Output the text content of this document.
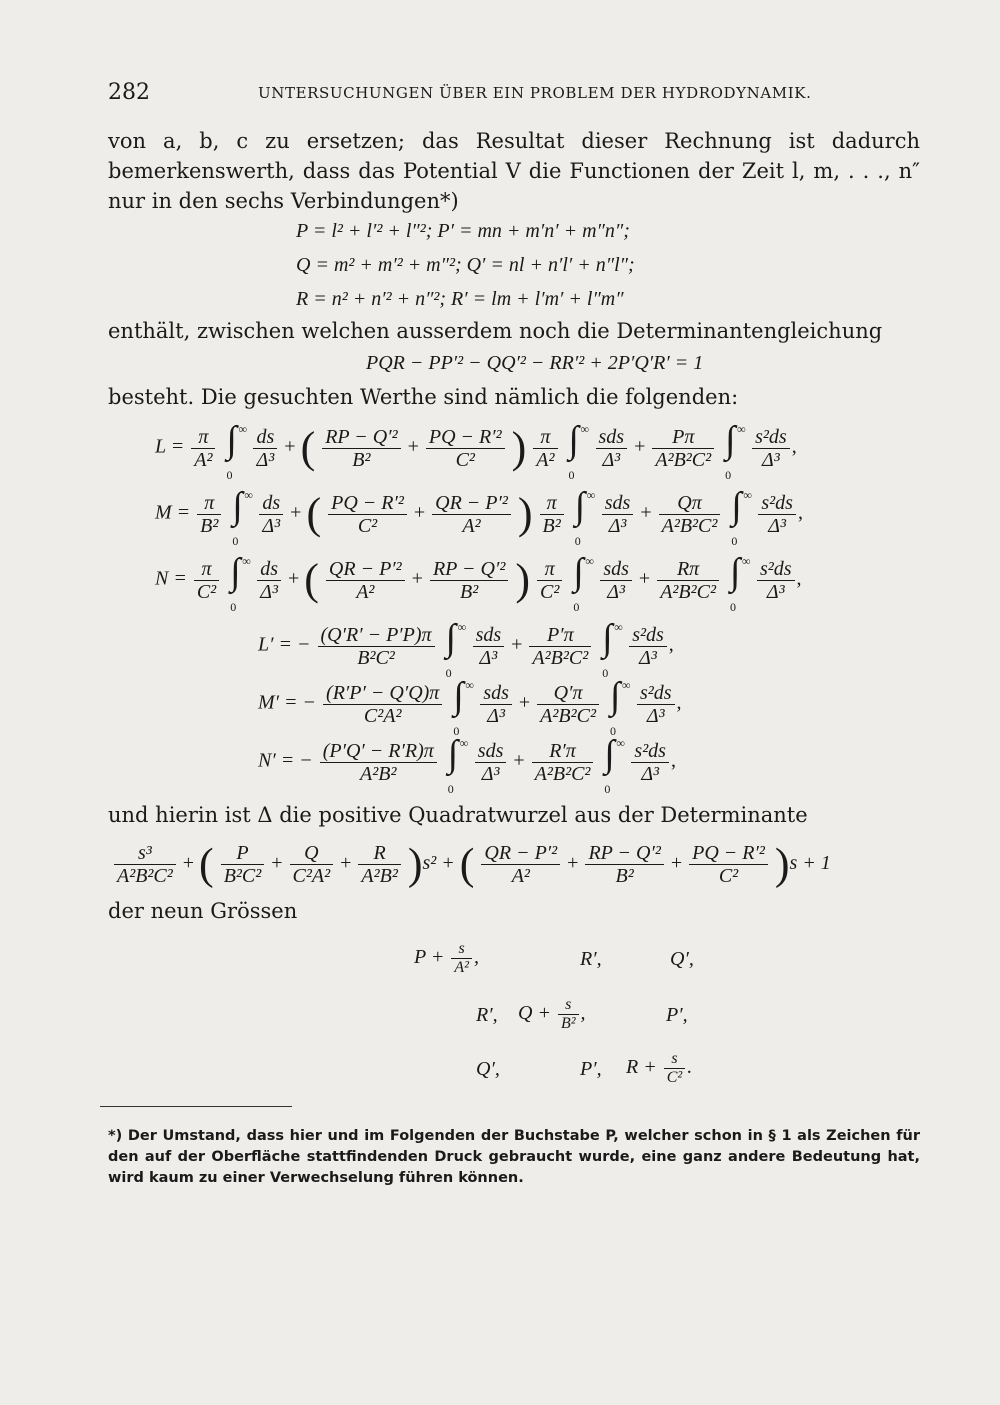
282	UNTERSUCHUNGEN ÜBER EIN PROBLEM DER HYDRODYNAMIK.
von a, b, c zu ersetzen; das Resultat dieser Rechnung ist dadurch bemerkenswerth, dass das Potential V die Functionen der Zeit l, m, . . ., n″ nur in den sechs Verbindungen*)
P = l² + l′² + l″²; P′ = mn + m′n′ + m″n″;
Q = m² + m′² + m″²; Q′ = nl + n′l′ + n″l″;
R = n² + n′² + n″²; R′ = lm + l′m′ + l″m″
enthält, zwischen welchen ausserdem noch die Determinantengleichung
PQR − PP′² − QQ′² − RR′² + 2P′Q′R′ = 1
besteht. Die gesuchten Werthe sind nämlich die folgenden:
$L = \frac{\pi}{\text{A²}}$
∫ ∞
0

$\frac{ds}{\text{Δ³}}$ + ( $\frac{\text{RP − Q′²}}{\text{B²}} + \frac{\text{PQ − R′²}}{\text{C²}}$ ) $\frac{\pi}{\text{A²}}$
∫ ∞
0

$\frac{\text{sds}}{\text{Δ³}} + \frac{P\pi}{\text{A²B²C²}}$
∫ ∞
0

$\frac{\text{s²ds}}{\text{Δ³}}$ ,
$M = \frac{\pi}{\text{B²}}$
∫ ∞
0

$\frac{ds}{\text{Δ³}}$ + ( $\frac{\text{PQ − R′²}}{\text{C²}} + \frac{\text{QR − P′²}}{\text{A²}}$ ) $\frac{\pi}{\text{B²}}$
∫ ∞
0

$\frac{\text{sds}}{\text{Δ³}} + \frac{Q\pi}{\text{A²B²C²}}$
∫ ∞
0

$\frac{\text{s²ds}}{\text{Δ³}}$ ,
$N = \frac{\pi}{\text{C²}}$
∫ ∞
0

$\frac{ds}{\text{Δ³}}$ + ( $\frac{\text{QR − P′²}}{\text{A²}} + \frac{\text{RP − Q′²}}{\text{B²}}$ ) $\frac{\pi}{\text{C²}}$
∫ ∞
0

$\frac{\text{sds}}{\text{Δ³}} + \frac{R\pi}{\text{A²B²C²}}$
∫ ∞
0

$\frac{\text{s²ds}}{\text{Δ³}}$ ,
L′ = − $\frac{(Q'R' - P'P)\pi}{\text{B²C²}}$
∫ ∞
0

$\frac{\text{sds}}{\text{Δ³}} + \frac{P'\pi}{\text{A²B²C²}}$
∫ ∞
0

$\frac{\text{s²ds}}{\text{Δ³}}$ ,
M′ = − $\frac{(R'P' - Q'Q)\pi}{\text{C²A²}}$
∫ ∞
0

$\frac{\text{sds}}{\text{Δ³}} + \frac{Q'\pi}{\text{A²B²C²}}$
∫ ∞
0

$\frac{\text{s²ds}}{\text{Δ³}}$ ,
N′ = − $\frac{(P'Q' - R'R)\pi}{\text{A²B²}}$
∫ ∞
0

$\frac{\text{sds}}{\text{Δ³}} + \frac{R'\pi}{\text{A²B²C²}}$
∫ ∞
0

$\frac{\text{s²ds}}{\text{Δ³}}$ ,
und hierin ist Δ die positive Quadratwurzel aus der Determinante
$\frac{\text{s³}}{\text{A²B²C²}}$ + ( $\frac{P}{\text{B²C²}} + \frac{Q}{\text{C²A²}} + \frac{R}{\text{A²B²}} )s^2$ + ( $\frac{\text{QR − P′²}}{\text{A²}} + \frac{\text{RP − Q′²}}{\text{B²}} + \frac{\text{PQ − R′²}}{\text{C²}} )s + 1$
der neun Grössen
$P + \frac{s}{\text{A²}}$ ,	R′,	Q′,
R′, $Q + \frac{s}{\text{B²}}$ ,	P′,
Q′,	P′, $R + \frac{s}{\text{C²}}$ .
*) Der Umstand, dass hier und im Folgenden der Buchstabe P, welcher schon in § 1 als Zeichen für den auf der Oberfläche stattfindenden Druck gebraucht wurde, eine ganz andere Bedeutung hat, wird kaum zu einer Verwechselung führen können.
